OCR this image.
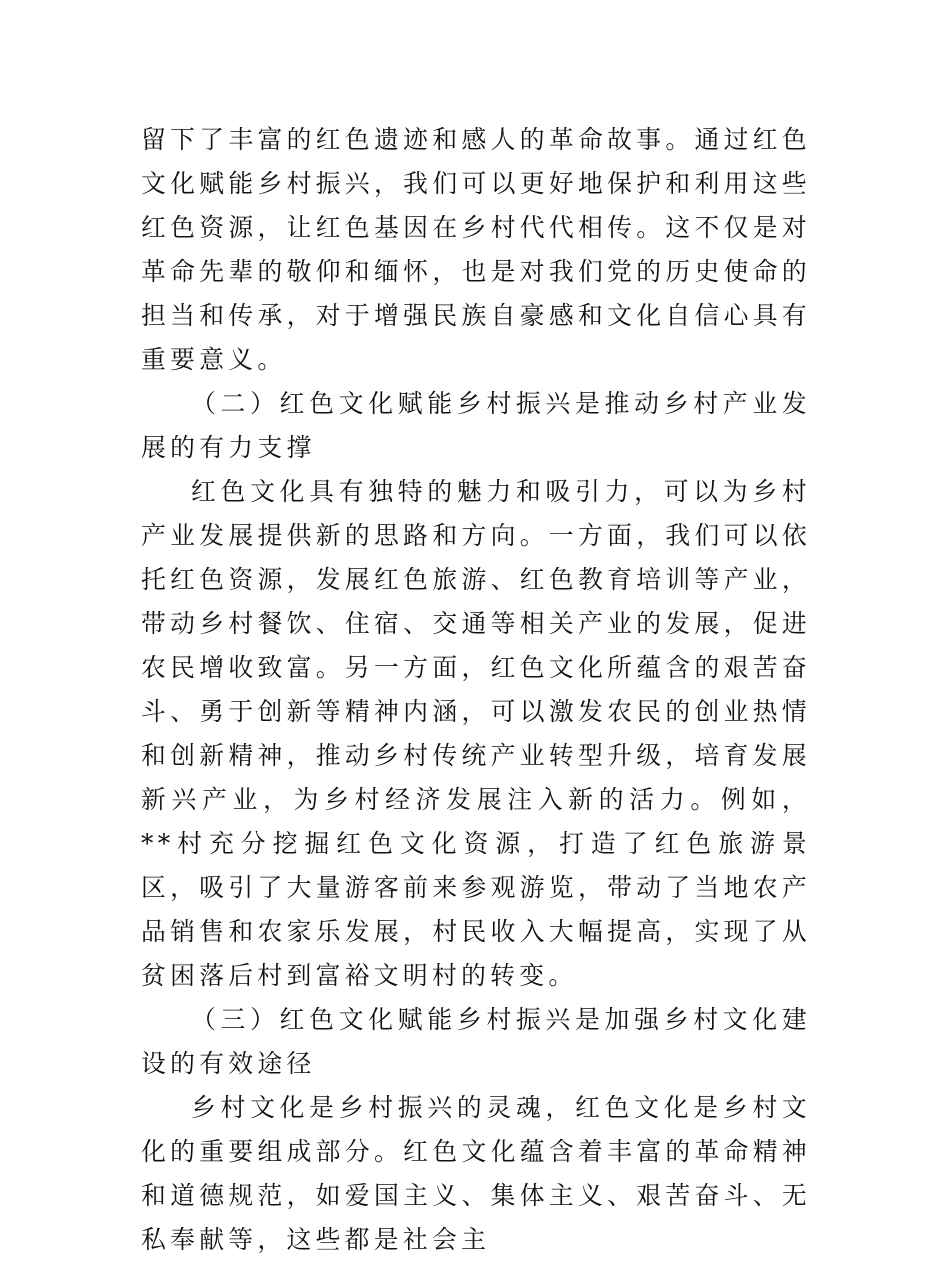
留下了丰富的红色遗迹和感人的革命故事。通过红色文化赋能乡村振兴，我们可以更好地保护和利用这些红色资源，让红色基因在乡村代代相传。这不仅是对革命先辈的敬仰和缅怀，也是对我们党的历史使命的担当和传承，对于增强民族自豪感和文化自信心具有重要意义。

（二）红色文化赋能乡村振兴是推动乡村产业发展的有力支撑

红色文化具有独特的魅力和吸引力，可以为乡村产业发展提供新的思路和方向。一方面，我们可以依托红色资源，发展红色旅游、红色教育培训等产业，带动乡村餐饮、住宿、交通等相关产业的发展，促进农民增收致富。另一方面，红色文化所蕴含的艰苦奋斗、勇于创新等精神内涵，可以激发农民的创业热情和创新精神，推动乡村传统产业转型升级，培育发展新兴产业，为乡村经济发展注入新的活力。例如，**村充分挖掘红色文化资源，打造了红色旅游景区，吸引了大量游客前来参观游览，带动了当地农产品销售和农家乐发展，村民收入大幅提高，实现了从贫困落后村到富裕文明村的转变。

（三）红色文化赋能乡村振兴是加强乡村文化建设的有效途径

乡村文化是乡村振兴的灵魂，红色文化是乡村文化的重要组成部分。红色文化蕴含着丰富的革命精神和道德规范，如爱国主义、集体主义、艰苦奋斗、无私奉献等，这些都是社会主
